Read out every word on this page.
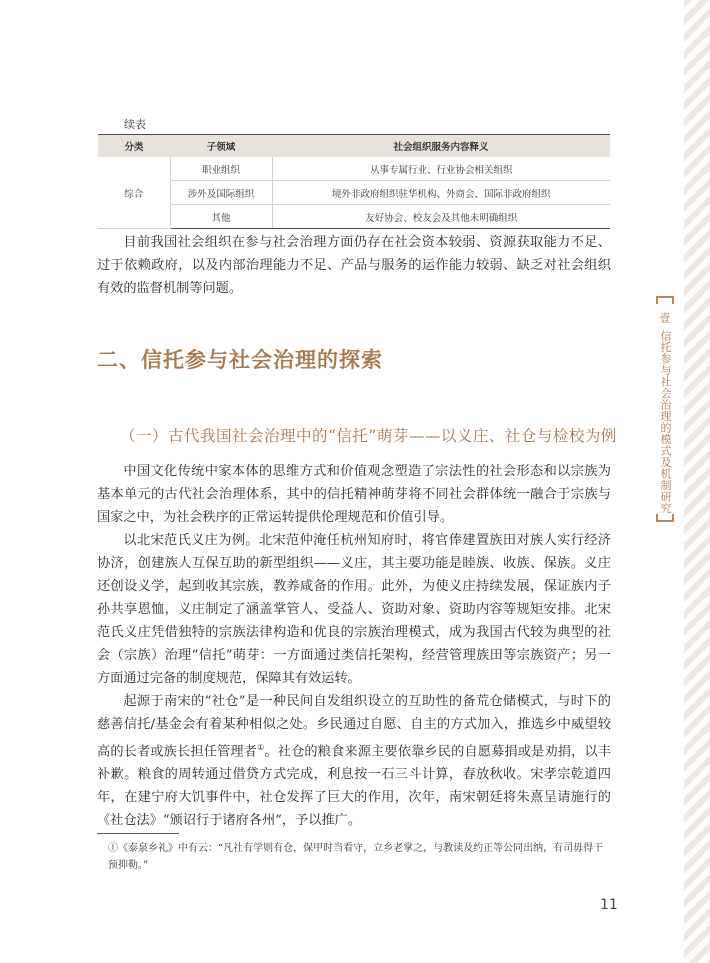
壹
信托参与社会治理的模式及机制研究
续表
分类	子领域	社会组织服务内容释义
综合	职业组织	从事专属行业、行业协会相关组织
	涉外及国际组织	境外非政府组织驻华机构、外商会、国际非政府组织
	其他	友好协会、校友会及其他未明确组织

目前我国社会组织在参与社会治理方面仍存在社会资本较弱、资源获取能力不足、过于依赖政府，以及内部治理能力不足、产品与服务的运作能力较弱、缺乏对社会组织有效的监督机制等问题。

二、信托参与社会治理的探索
（一）古代我国社会治理中的“信托”萌芽——以义庄、社仓与检校为例

中国文化传统中家本体的思维方式和价值观念塑造了宗法性的社会形态和以宗族为基本单元的古代社会治理体系，其中的信托精神萌芽将不同社会群体统一融合于宗族与国家之中，为社会秩序的正常运转提供伦理规范和价值引导。

以北宋范氏义庄为例。北宋范仲淹任杭州知府时，将官俸建置族田对族人实行经济协济，创建族人互保互助的新型组织——义庄，其主要功能是睦族、收族、保族。义庄还创设义学，起到收其宗族，教养咸备的作用。此外，为使义庄持续发展，保证族内子孙共享恩恤，义庄制定了涵盖掌管人、受益人、资助对象、资助内容等规矩安排。北宋范氏义庄凭借独特的宗族法律构造和优良的宗族治理模式，成为我国古代较为典型的社会（宗族）治理“信托”萌芽：一方面通过类信托架构，经营管理族田等宗族资产；另一方面通过完备的制度规范，保障其有效运转。

起源于南宋的“社仓”是一种民间自发组织设立的互助性的备荒仓储模式，与时下的慈善信托/基金会有着某种相似之处。乡民通过自愿、自主的方式加入，推选乡中威望较高的长者或族长担任管理者①。社仓的粮食来源主要依靠乡民的自愿募捐或是劝捐，以丰补歉。粮食的周转通过借贷方式完成，利息按一石三斗计算，春放秋收。宋孝宗乾道四年，在建宁府大饥事件中，社仓发挥了巨大的作用，次年，南宋朝廷将朱熹呈请施行的《社仓法》“颁诏行于诸府各州”，予以推广。

①《泰泉乡礼》中有云：“凡社有学则有仓，保甲时当看守，立乡老掌之，与教读及约正等公同出纳，有司毋得干预抑勒。”
11
